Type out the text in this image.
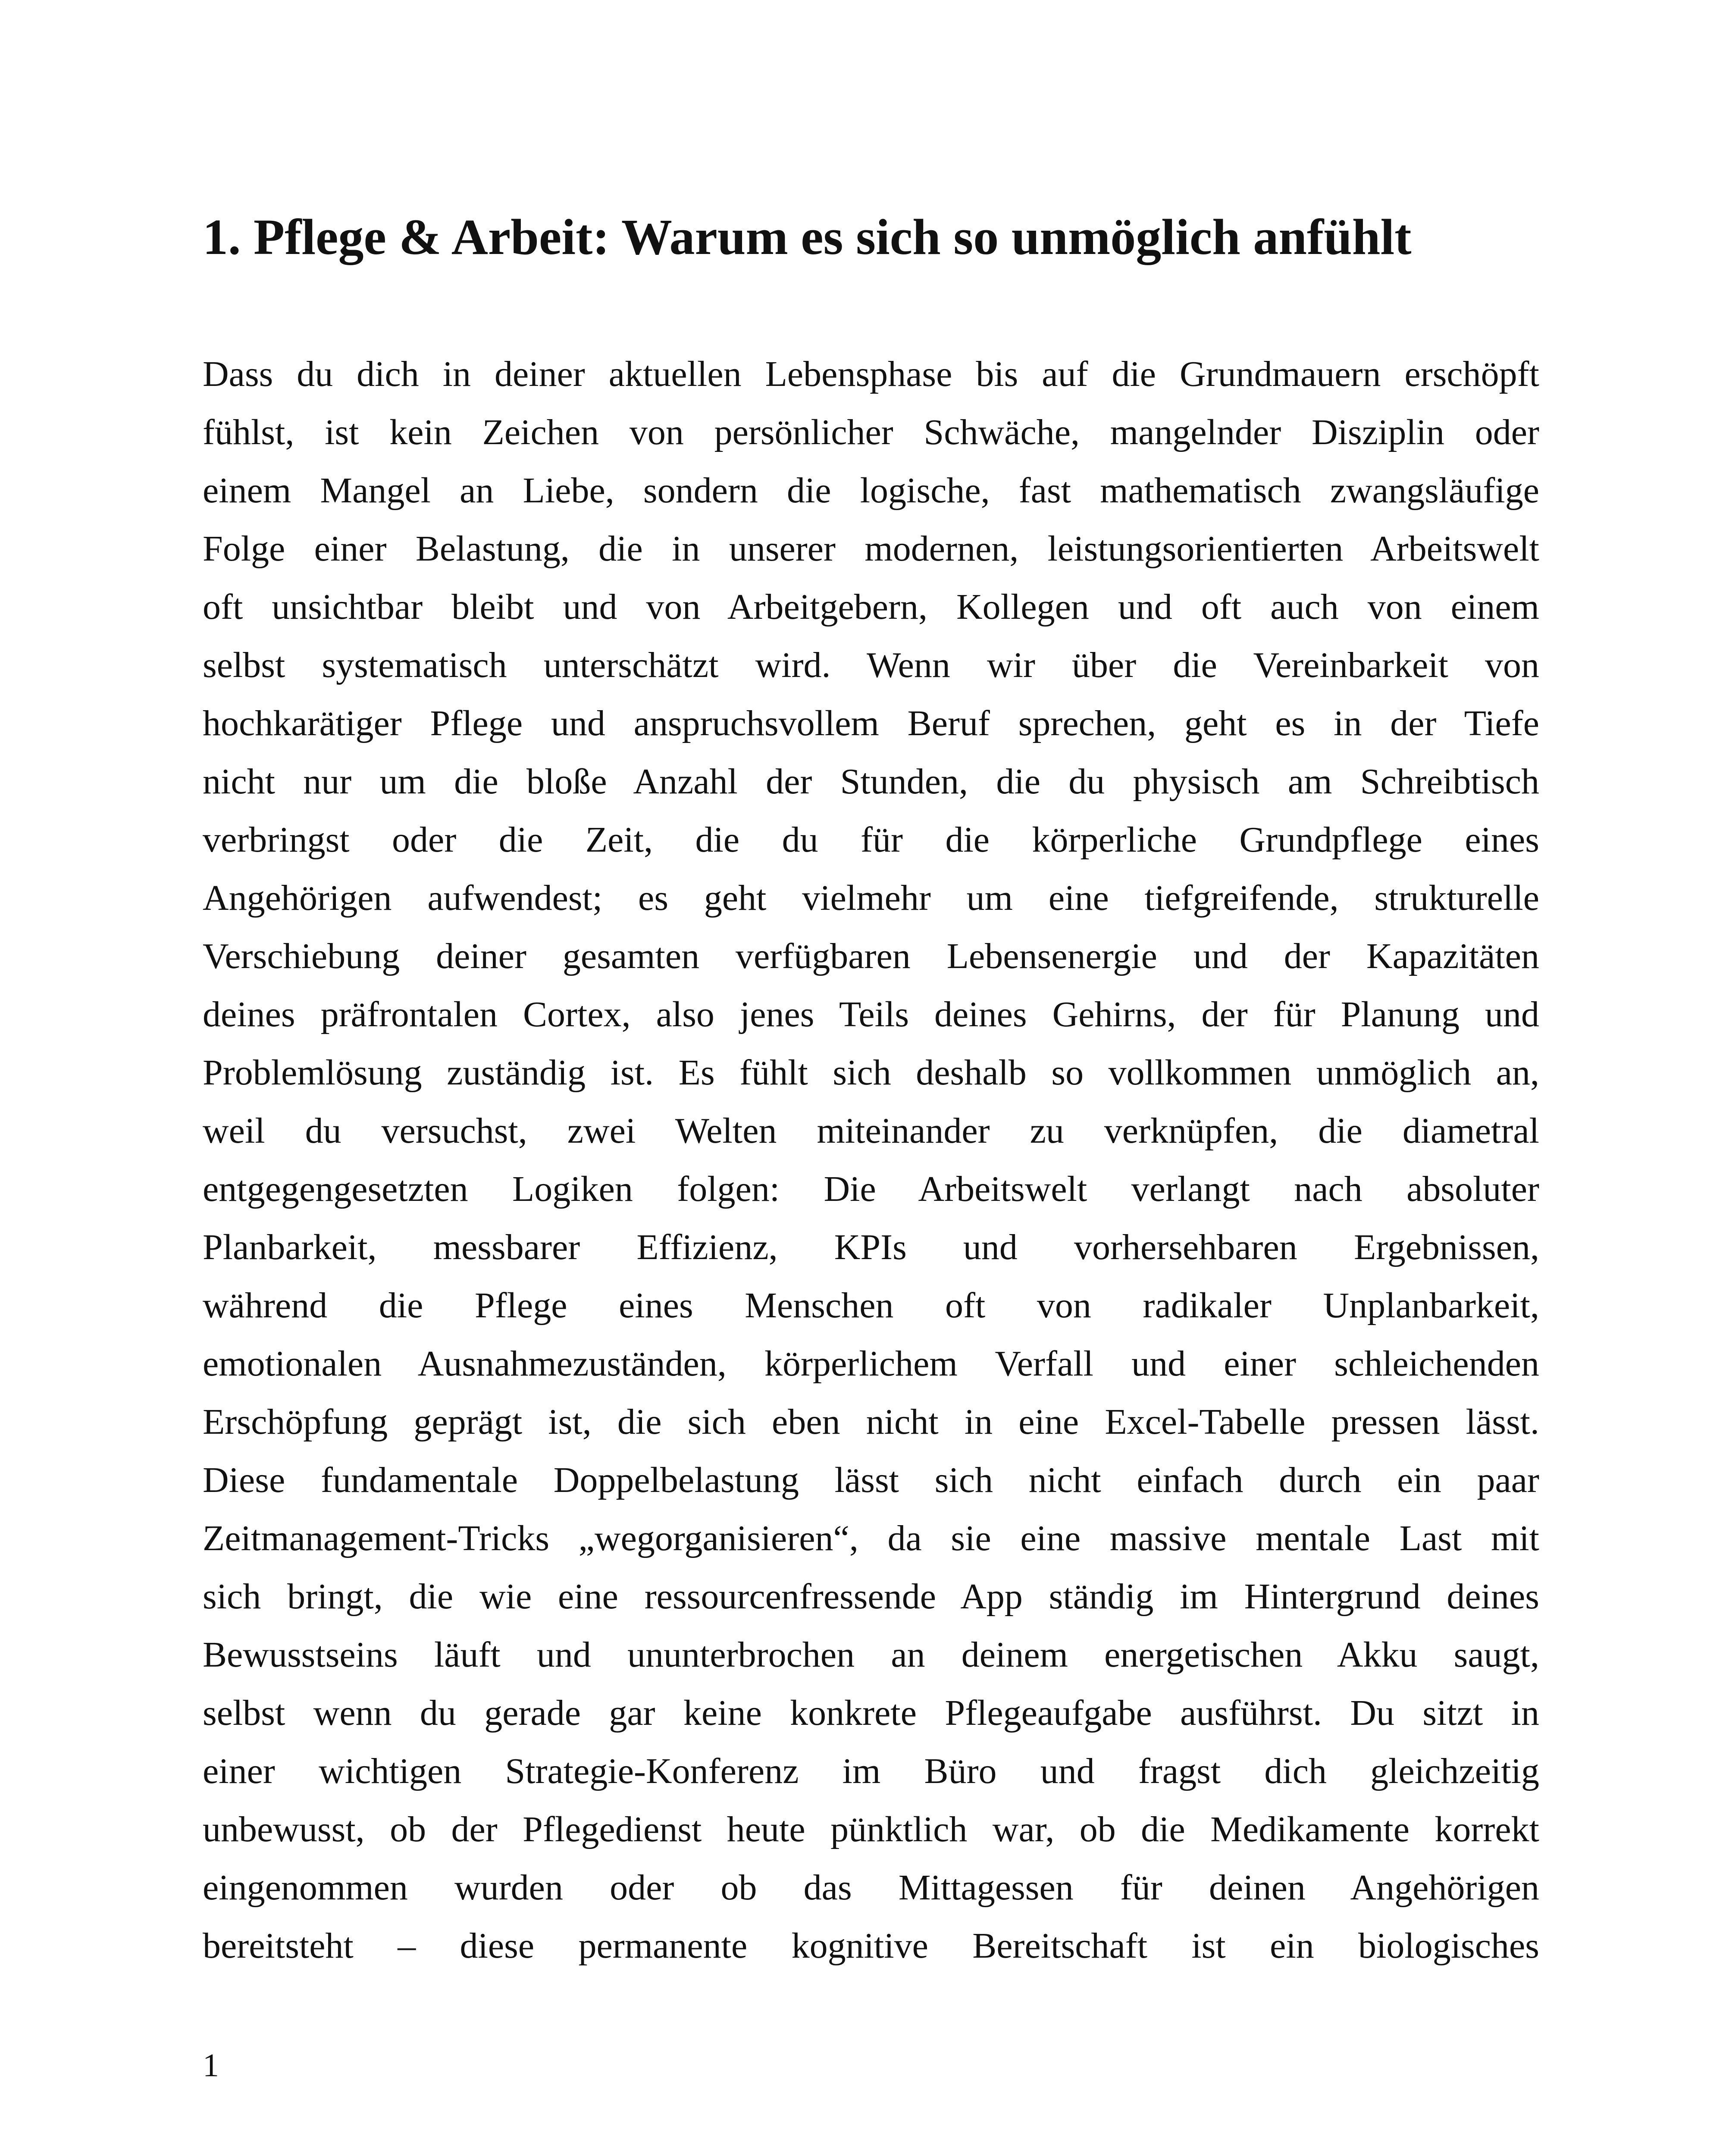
1. Pflege & Arbeit: Warum es sich so unmöglich anfühlt
Dass du dich in deiner aktuellen Lebensphase bis auf die Grundmauern erschöpft
fühlst, ist kein Zeichen von persönlicher Schwäche, mangelnder Disziplin oder
einem Mangel an Liebe, sondern die logische, fast mathematisch zwangsläufige
Folge einer Belastung, die in unserer modernen, leistungsorientierten Arbeitswelt
oft unsichtbar bleibt und von Arbeitgebern, Kollegen und oft auch von einem
selbst systematisch unterschätzt wird. Wenn wir über die Vereinbarkeit von
hochkarätiger Pflege und anspruchsvollem Beruf sprechen, geht es in der Tiefe
nicht nur um die bloße Anzahl der Stunden, die du physisch am Schreibtisch
verbringst oder die Zeit, die du für die körperliche Grundpflege eines
Angehörigen aufwendest; es geht vielmehr um eine tiefgreifende, strukturelle
Verschiebung deiner gesamten verfügbaren Lebensenergie und der Kapazitäten
deines präfrontalen Cortex, also jenes Teils deines Gehirns, der für Planung und
Problemlösung zuständig ist. Es fühlt sich deshalb so vollkommen unmöglich an,
weil du versuchst, zwei Welten miteinander zu verknüpfen, die diametral
entgegengesetzten Logiken folgen: Die Arbeitswelt verlangt nach absoluter
Planbarkeit, messbarer Effizienz, KPIs und vorhersehbaren Ergebnissen,
während die Pflege eines Menschen oft von radikaler Unplanbarkeit,
emotionalen Ausnahmezuständen, körperlichem Verfall und einer schleichenden
Erschöpfung geprägt ist, die sich eben nicht in eine Excel-Tabelle pressen lässt.
Diese fundamentale Doppelbelastung lässt sich nicht einfach durch ein paar
Zeitmanagement-Tricks „wegorganisieren“, da sie eine massive mentale Last mit
sich bringt, die wie eine ressourcenfressende App ständig im Hintergrund deines
Bewusstseins läuft und ununterbrochen an deinem energetischen Akku saugt,
selbst wenn du gerade gar keine konkrete Pflegeaufgabe ausführst. Du sitzt in
einer wichtigen Strategie-Konferenz im Büro und fragst dich gleichzeitig
unbewusst, ob der Pflegedienst heute pünktlich war, ob die Medikamente korrekt
eingenommen wurden oder ob das Mittagessen für deinen Angehörigen
bereitsteht – diese permanente kognitive Bereitschaft ist ein biologisches
1
